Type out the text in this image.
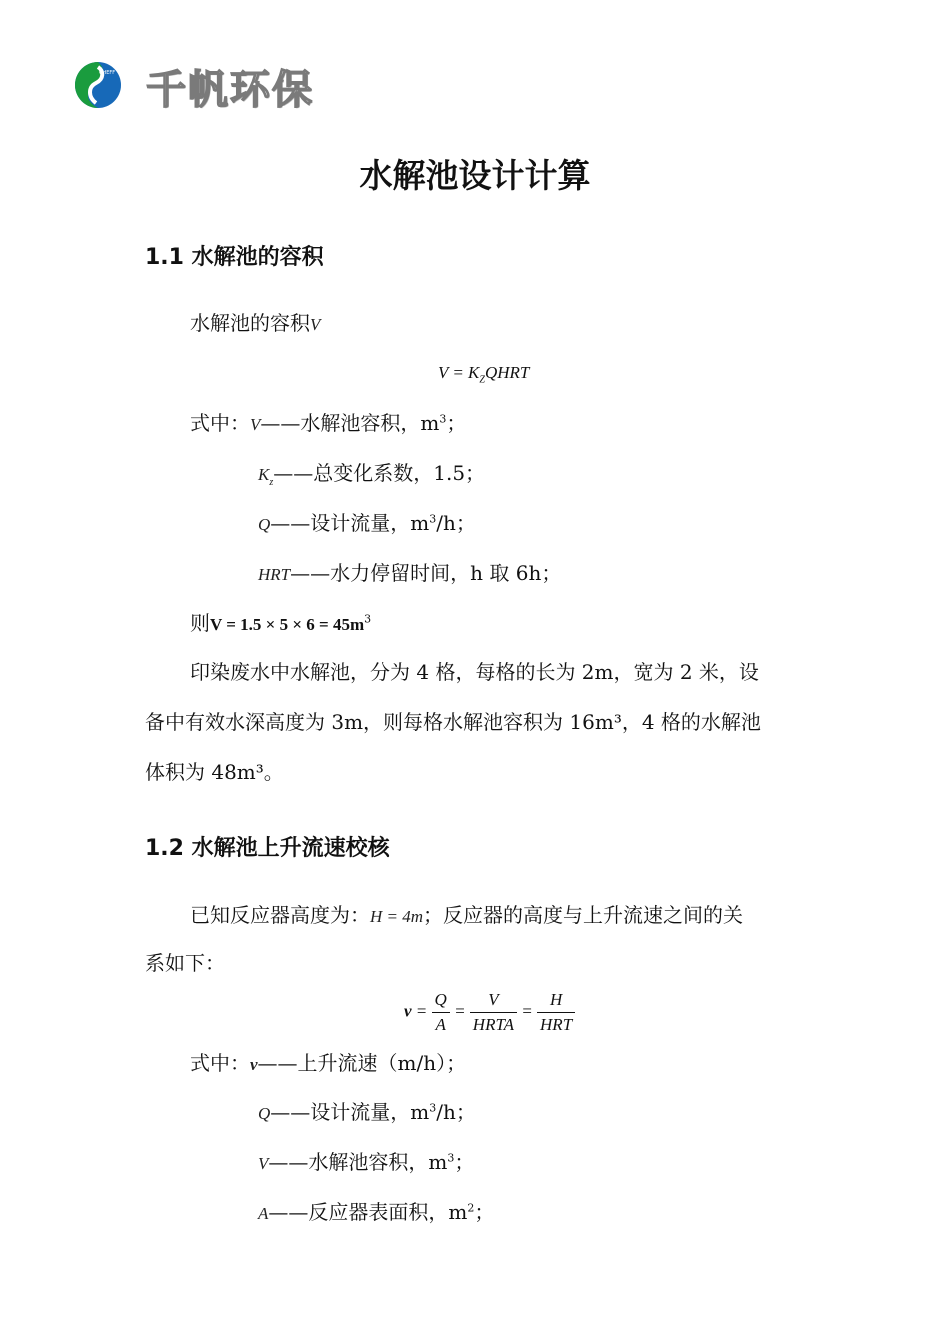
CHEFF 千帆环保
水解池设计计算
1.1 水解池的容积
水解池的容积V
$V = K_ZQHRT$
式中：V——水解池容积，$m^3$；
$K_z——$总变化系数，1.5；
Q——设计流量，$m^3/h$；
HRT——水力停留时间，h 取 6h；
则$V = 1.5 \times 5 \times 6 = 45m^3$
印染废水中水解池，分为 4 格，每格的长为 2m，宽为 2 米，设
备中有效水深高度为 3m，则每格水解池容积为 16m³，4 格的水解池
体积为 48m³。
1.2 水解池上升流速校核
已知反应器高度为：H = 4m；反应器的高度与上升流速之间的关
系如下：
$v = \frac{Q}{A} = \frac{V}{\text{HRTA}} = \frac{H}{\text{HRT}}$
式中：v——上升流速（m/h）；
Q——设计流量，$m^3/h$；
V——水解池容积，$m^3$；
A——反应器表面积，$m^2$；
